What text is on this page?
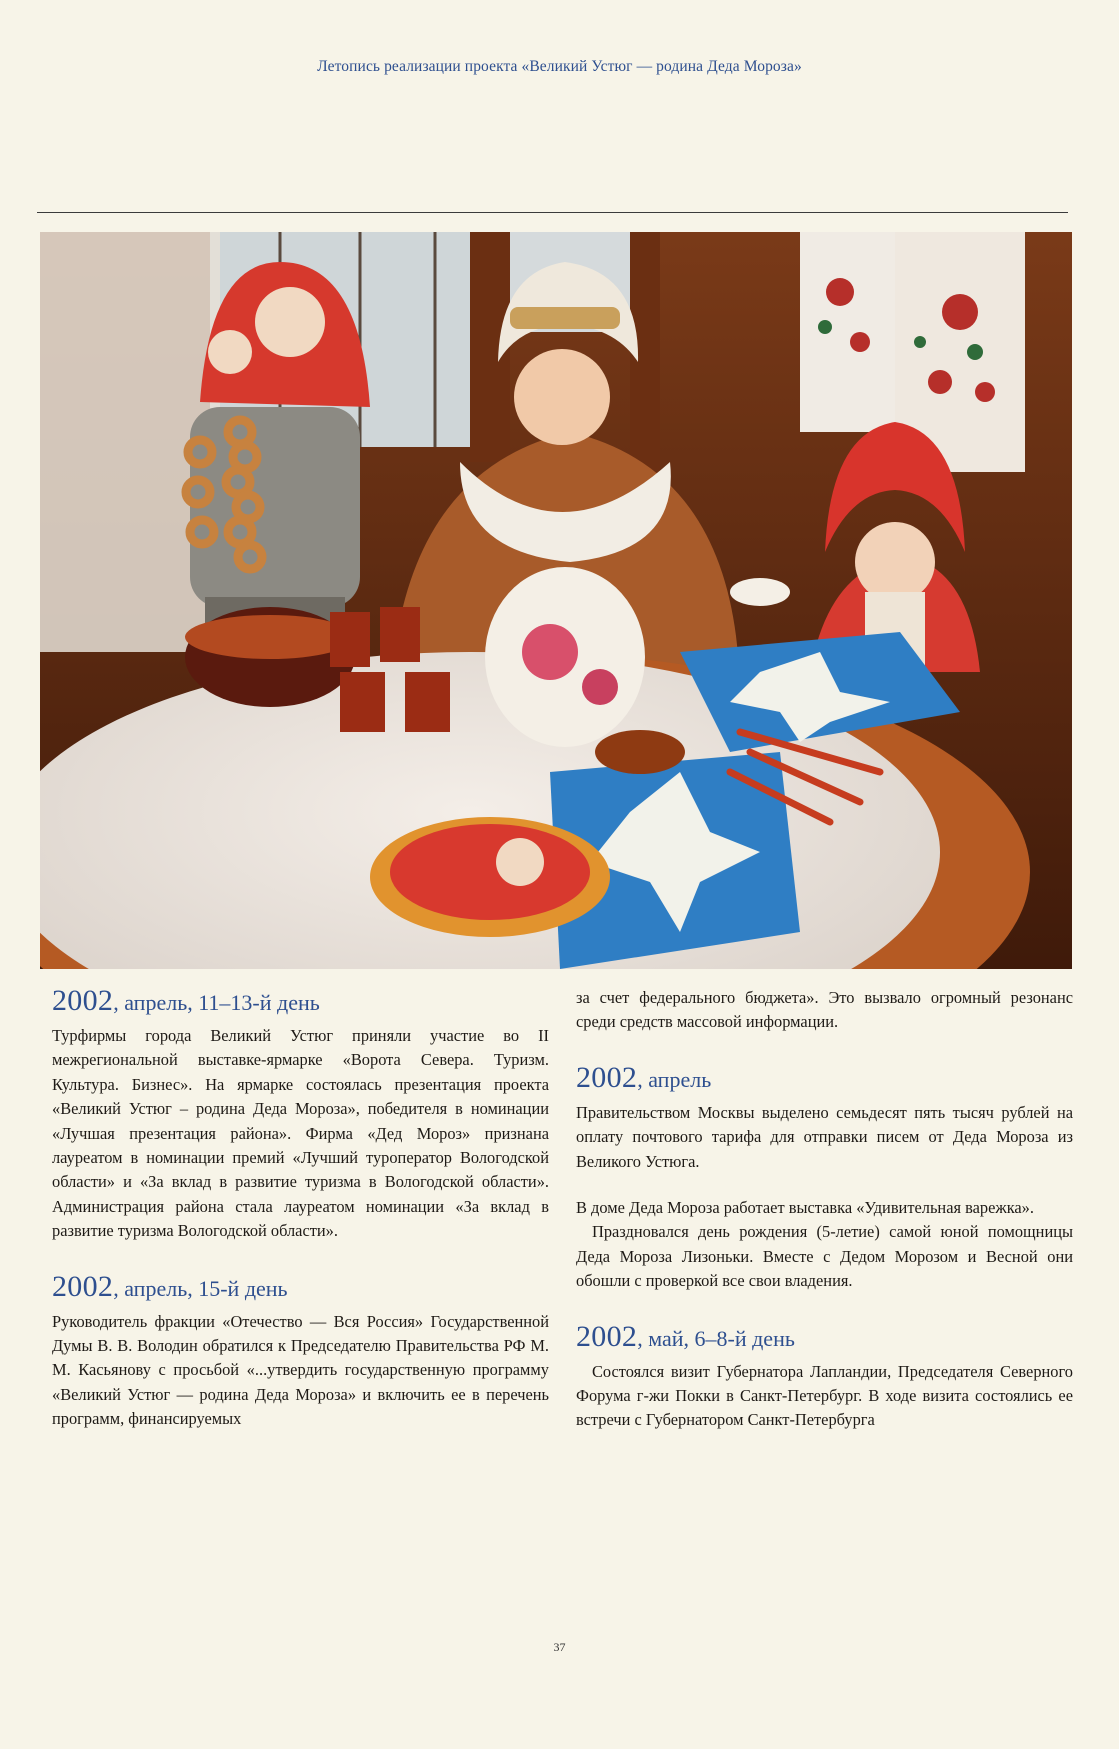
Летопись реализации проекта «Великий Устюг — родина Деда Мороза»
2002, апрель, 11–13-й день

Турфирмы города Великий Устюг приняли участие во II межрегиональной выставке-ярмарке «Ворота Севера. Туризм. Культура. Бизнес». На ярмарке состоялась презентация проекта «Великий Устюг – родина Деда Мороза», победителя в номинации «Лучшая презентация района». Фирма «Дед Мороз» признана лауреатом в номинации премий «Лучший туроператор Вологодской области» и «За вклад в развитие туризма в Вологодской области». Администрация района стала лауреатом номинации «За вклад в развитие туризма Вологодской области».

2002, апрель, 15-й день

Руководитель фракции «Отечество — Вся Россия» Государственной Думы В. В. Володин обратился к Председателю Правительства РФ М. М. Касьянову с просьбой «...утвердить государственную программу «Великий Устюг — родина Деда Мороза» и включить ее в перечень программ, финансируемых

за счет федерального бюджета». Это вызвало огромный резонанс среди средств массовой информации.

2002, апрель

Правительством Москвы выделено семьдесят пять тысяч рублей на оплату почтового тарифа для отправки писем от Деда Мороза из Великого Устюга.

В доме Деда Мороза работает выставка «Удивительная варежка».

Праздновался день рождения (5-летие) самой юной помощницы Деда Мороза Лизоньки. Вместе с Дедом Морозом и Весной они обошли с проверкой все свои владения.

2002, май, 6–8-й день

Состоялся визит Губернатора Лапландии, Председателя Северного Форума г-жи Покки в Санкт-Петербург. В ходе визита состоялись ее встречи с Губернатором Санкт-Петербурга

37
